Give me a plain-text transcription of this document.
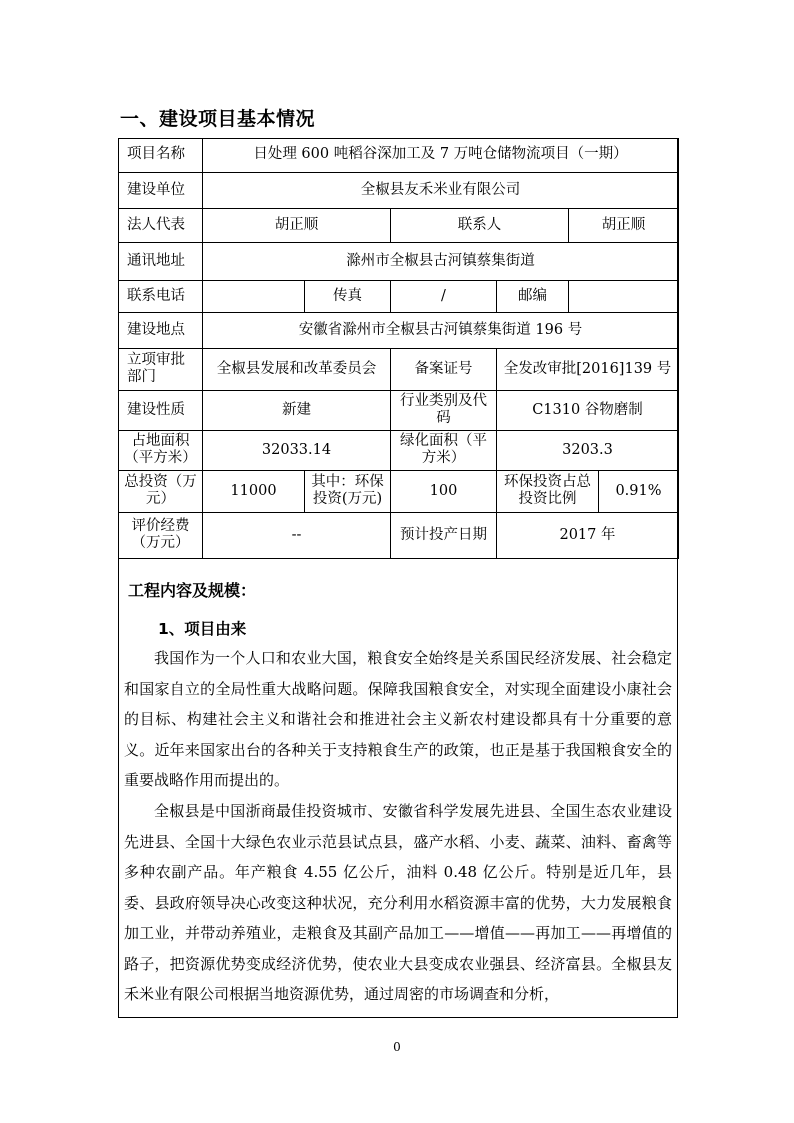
一、建设项目基本情况
项目名称	日处理 600 吨稻谷深加工及 7 万吨仓储物流项目（一期）					
建设单位	全椒县友禾米业有限公司					
法人代表	胡正顺		联系人		胡正顺	
通讯地址	滁州市全椒县古河镇蔡集街道					
联系电话		传真	/	邮编		
建设地点	安徽省滁州市全椒县古河镇蔡集街道 196 号					
立项审批部门	全椒县发展和改革委员会		备案证号	全发改审批[2016]139 号		
建设性质	新建		行业类别及代码	C1310 谷物磨制		
占地面积（平方米）	32033.14		绿化面积（平方米）	3203.3		
总投资（万元）	11000	其中：环保投资(万元)	100	环保投资占总投资比例		0.91%
评价经费（万元）	--		预计投产日期	2017 年		
工程内容及规模：
1、项目由来

我国作为一个人口和农业大国，粮食安全始终是关系国民经济发展、社会稳定和国家自立的全局性重大战略问题。保障我国粮食安全，对实现全面建设小康社会的目标、构建社会主义和谐社会和推进社会主义新农村建设都具有十分重要的意义。近年来国家出台的各种关于支持粮食生产的政策，也正是基于我国粮食安全的重要战略作用而提出的。

全椒县是中国浙商最佳投资城市、安徽省科学发展先进县、全国生态农业建设先进县、全国十大绿色农业示范县试点县，盛产水稻、小麦、蔬菜、油料、畜禽等多种农副产品。年产粮食 4.55 亿公斤，油料 0.48 亿公斤。特别是近几年，县委、县政府领导决心改变这种状况，充分利用水稻资源丰富的优势，大力发展粮食加工业，并带动养殖业，走粮食及其副产品加工——增值——再加工——再增值的路子，把资源优势变成经济优势，使农业大县变成农业强县、经济富县。全椒县友禾米业有限公司根据当地资源优势，通过周密的市场调查和分析，

0
